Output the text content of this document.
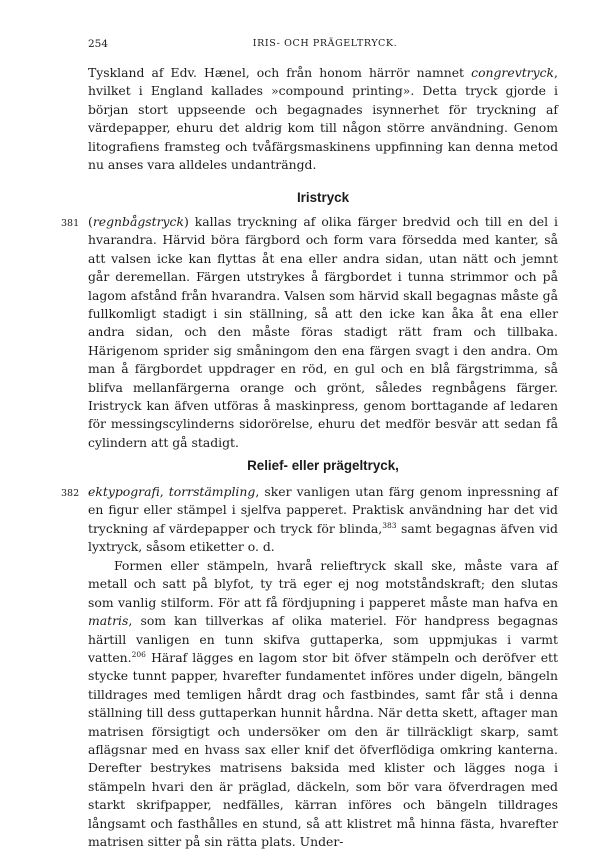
254	IRIS- OCH PRÄGELTRYCK.

Tyskland af Edv. Hænel, och från honom härrör namnet congrevtryck, hvilket i England kallades »compound printing». Detta tryck gjorde i början stort uppseende och begagnades isynnerhet för tryckning af värdepapper, ehuru det aldrig kom till någon större användning. Genom litografiens framsteg och tvåfärgsmaskinens uppfinning kan denna metod nu anses vara alldeles undanträngd.

Iristryck
381 (regnbågstryck) kallas tryckning af olika färger bredvid och till en del i hvarandra. Härvid böra färgbord och form vara försedda med kanter, så att valsen icke kan flyttas åt ena eller andra sidan, utan nätt och jemnt går deremellan. Färgen utstrykes å färgbordet i tunna strimmor och på lagom afstånd från hvarandra. Valsen som härvid skall begagnas måste gå fullkomligt stadigt i sin ställning, så att den icke kan åka åt ena eller andra sidan, och den måste föras stadigt rätt fram och tillbaka. Härigenom sprider sig småningom den ena färgen svagt i den andra. Om man å färgbordet uppdrager en röd, en gul och en blå färgstrimma, så blifva mellanfärgerna orange och grönt, således regnbågens färger. Iristryck kan äfven utföras å maskinpress, genom borttagande af ledaren för messingscylinderns sidorörelse, ehuru det medför besvär att sedan få cylindern att gå stadigt.

Relief- eller prägeltryck,
382 ektypografi, torrstämpling, sker vanligen utan färg genom inpressning af en figur eller stämpel i sjelfva papperet. Praktisk användning har det vid tryckning af värdepapper och tryck för blinda,$^{383}$ samt begagnas äfven vid lyxtryck, såsom etiketter o. d.

Formen eller stämpeln, hvarå relieftryck skall ske, måste vara af metall och satt på blyfot, ty trä eger ej nog motståndskraft; den slutas som vanlig stilform. För att få fördjupning i papperet måste man hafva en matris, som kan tillverkas af olika materiel. För handpress begagnas härtill vanligen en tunn skifva guttaperka, som uppmjukas i varmt vatten.$^{206}$ Häraf lägges en lagom stor bit öfver stämpeln och deröfver ett stycke tunnt papper, hvarefter fundamentet införes under digeln, bängeln tilldrages med temligen hårdt drag och fastbindes, samt får stå i denna ställning till dess guttaperkan hunnit hårdna. När detta skett, aftager man matrisen försigtigt och undersöker om den är tillräckligt skarp, samt aflägsnar med en hvass sax eller knif det öfverflödiga omkring kanterna. Derefter bestrykes matrisens baksida med klister och lägges noga i stämpeln hvari den är präglad, däckeln, som bör vara öfverdragen med starkt skrifpapper, nedfälles, kärran införes och bängeln tilldrages långsamt och fasthålles en stund, så att klistret må hinna fästa, hvarefter matrisen sitter på sin rätta plats. Under-
